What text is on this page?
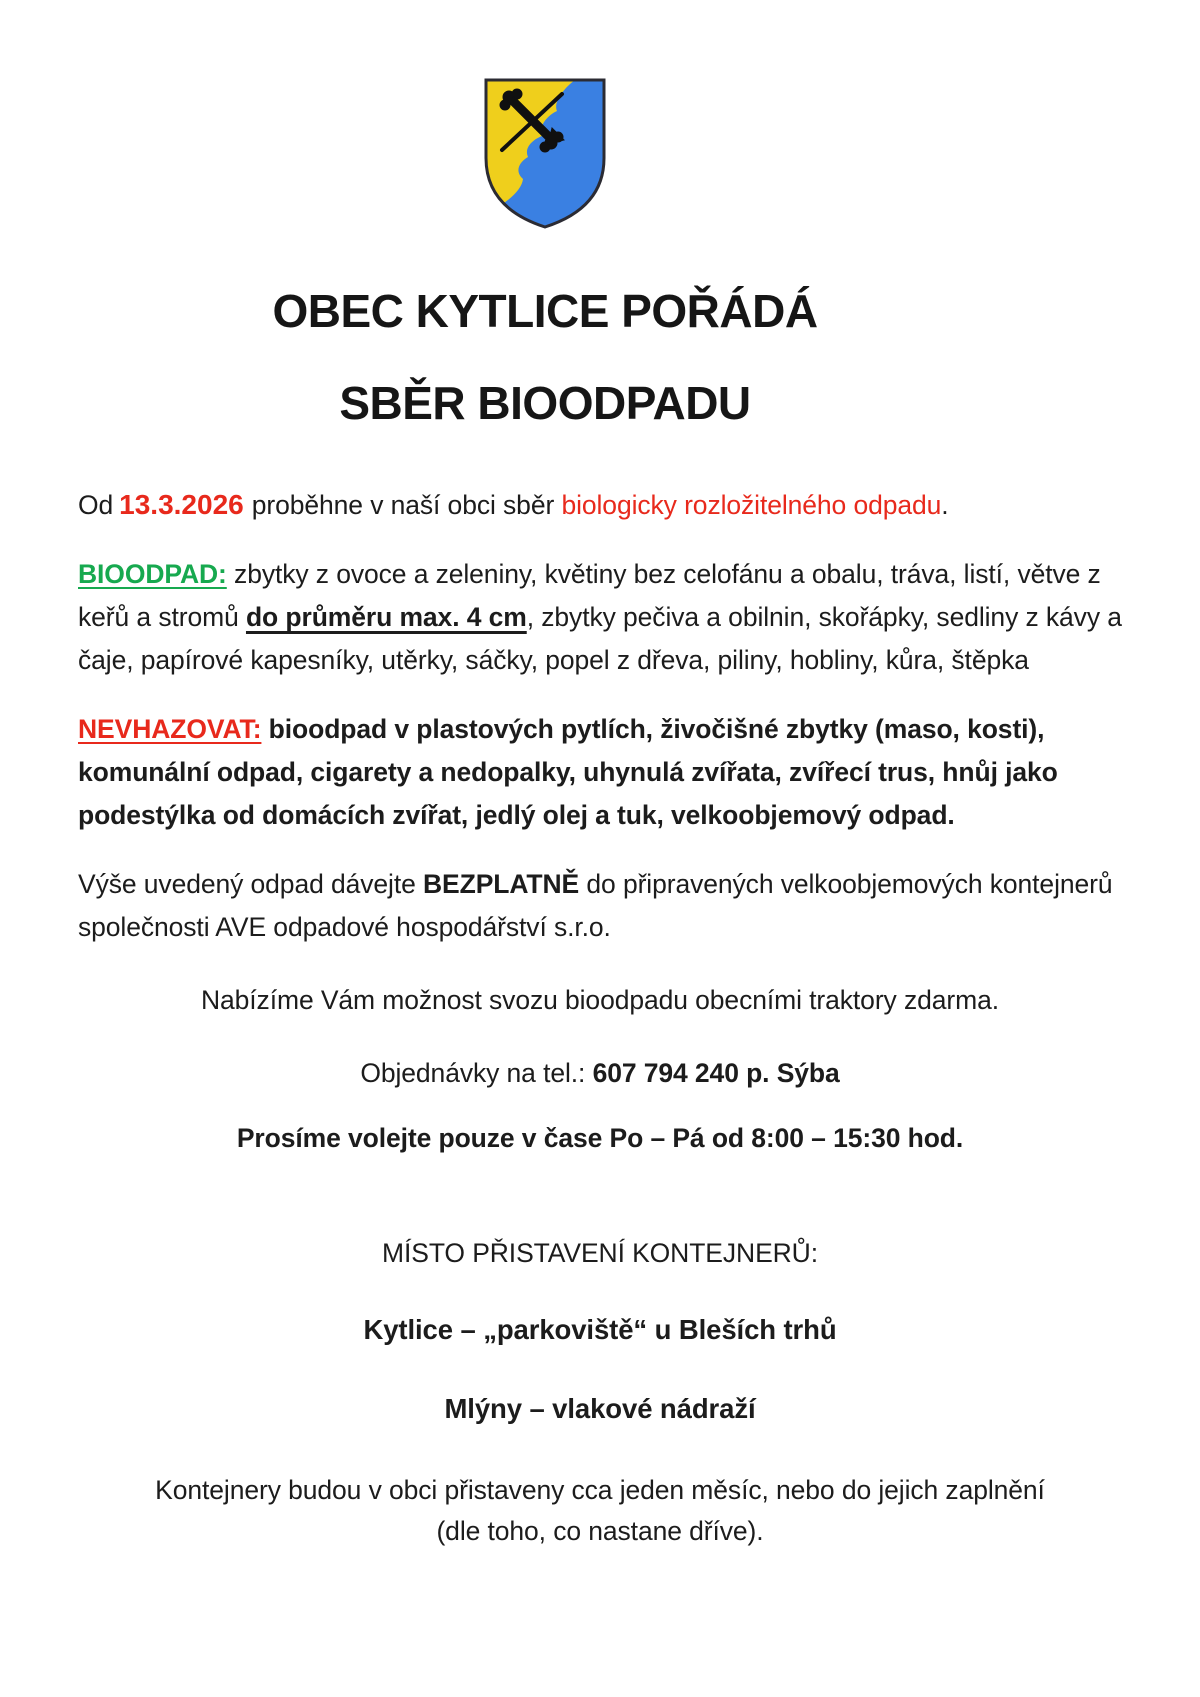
OBEC KYTLICE POŘÁDÁ
SBĚR BIOODPADU

Od 13.3.2026 proběhne v naší obci sběr biologicky rozložitelného odpadu.

BIOODPAD: zbytky z ovoce a zeleniny, květiny bez celofánu a obalu, tráva, listí, větve z keřů a stromů do průměru max. 4 cm, zbytky pečiva a obilnin, skořápky, sedliny z kávy a čaje, papírové kapesníky, utěrky, sáčky, popel z dřeva, piliny, hobliny, kůra, štěpka

NEVHAZOVAT: bioodpad v plastových pytlích, živočišné zbytky (maso, kosti), komunální odpad, cigarety a nedopalky, uhynulá zvířata, zvířecí trus, hnůj jako podestýlka od domácích zvířat, jedlý olej a tuk, velkoobjemový odpad.

Výše uvedený odpad dávejte BEZPLATNĚ do připravených velkoobjemových kontejnerů společnosti AVE odpadové hospodářství s.r.o.

Nabízíme Vám možnost svozu bioodpadu obecními traktory zdarma.

Objednávky na tel.: 607 794 240 p. Sýba

Prosíme volejte pouze v čase Po – Pá od 8:00 – 15:30 hod.

MÍSTO PŘISTAVENÍ KONTEJNERŮ:

Kytlice – „parkoviště“ u Bleších trhů

Mlýny – vlakové nádraží

Kontejnery budou v obci přistaveny cca jeden měsíc, nebo do jejich zaplnění
(dle toho, co nastane dříve).
